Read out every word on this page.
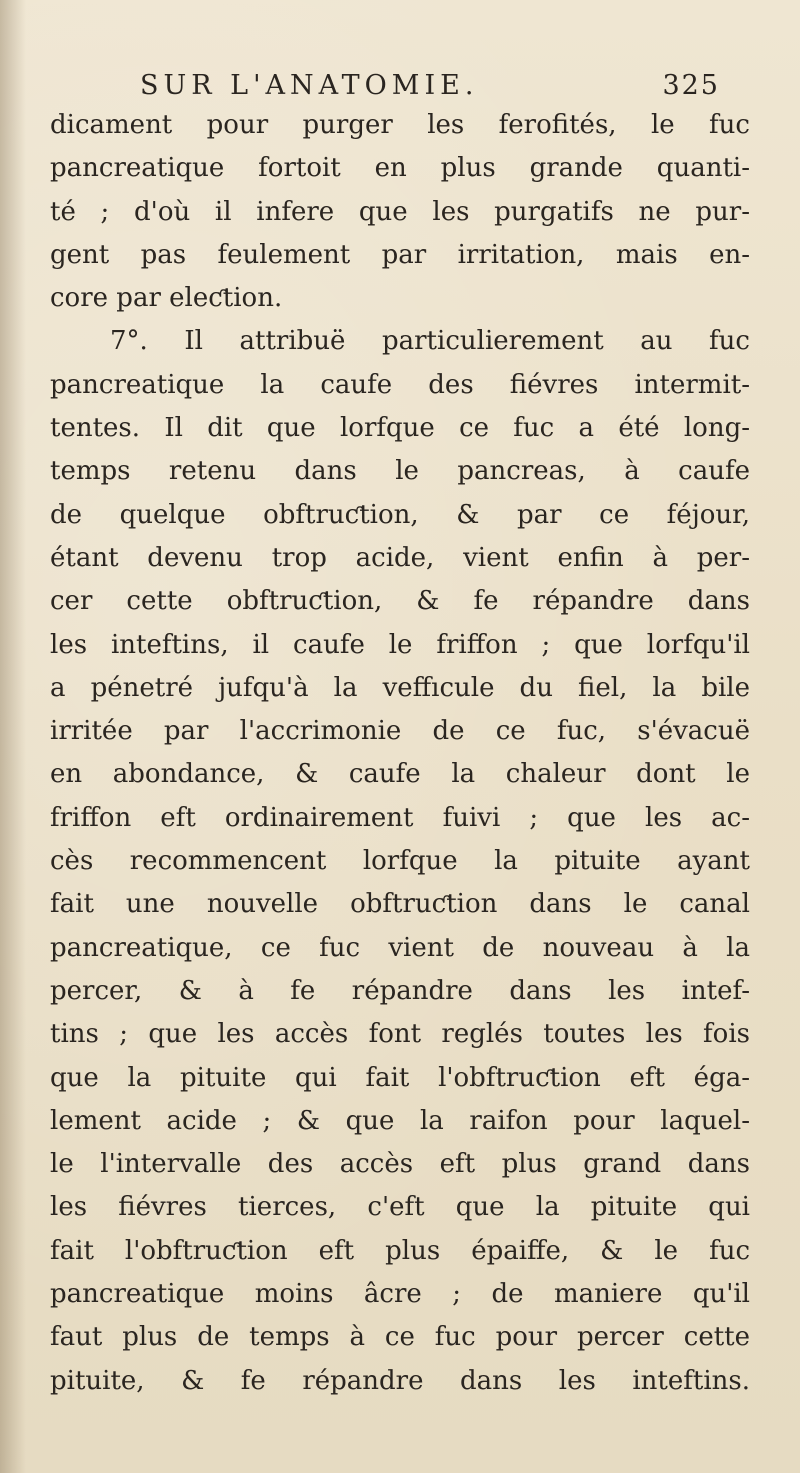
SUR L'ANATOMIE.	325
dicament pour purger les ferofités, le fuc
pancreatique fortoit en plus grande quanti-
té ; d'où il infere que les purgatifs ne pur-
gent pas feulement par irritation, mais en-
core par eleƈtion.
7°. Il attribuë particulierement au fuc
pancreatique la caufe des fiévres intermit-
tentes. Il dit que lorfque ce fuc a été long-
temps retenu dans le pancreas, à caufe
de quelque obftruƈtion, & par ce féjour,
étant devenu trop acide, vient enfin à per-
cer cette obftruƈtion, & fe répandre dans
les inteftins, il caufe le friffon ; que lorfqu'il
a pénetré jufqu'à la veffıcule du fiel, la bile
irritée par l'accrimonie de ce fuc, s'évacuë
en abondance, & caufe la chaleur dont le
friffon eft ordinairement fuivi ; que les ac-
cès recommencent lorfque la pituite ayant
fait une nouvelle obftruƈtion dans le canal
pancreatique, ce fuc vient de nouveau à la
percer, & à fe répandre dans les intef-
tins ; que les accès font reglés toutes les fois
que la pituite qui fait l'obftruƈtion eft éga-
lement acide ; & que la raifon pour laquel-
le l'intervalle des accès eft plus grand dans
les fiévres tierces, c'eft que la pituite qui
fait l'obftruƈtion eft plus épaiffe, & le fuc
pancreatique moins âcre ; de maniere qu'il
faut plus de temps à ce fuc pour percer cette
pituite, & fe répandre dans les inteftins.
